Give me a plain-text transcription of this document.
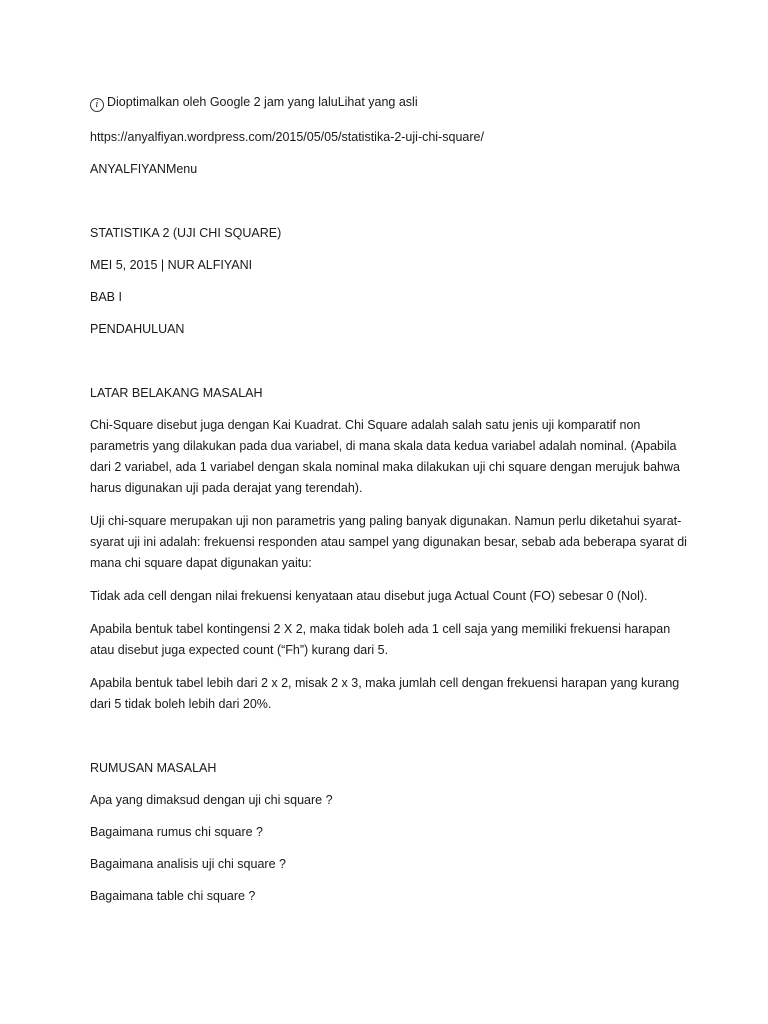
i Dioptimalkan oleh Google 2 jam yang laluLihat yang asli

https://anyalfiyan.wordpress.com/2015/05/05/statistika-2-uji-chi-square/

ANYALFIYANMenu

STATISTIKA 2 (UJI CHI SQUARE)

MEI 5, 2015 | NUR ALFIYANI

BAB I

PENDAHULUAN

LATAR BELAKANG MASALAH

Chi-Square disebut juga dengan Kai Kuadrat. Chi Square adalah salah satu jenis uji komparatif non parametris yang dilakukan pada dua variabel, di mana skala data kedua variabel adalah nominal. (Apabila dari 2 variabel, ada 1 variabel dengan skala nominal maka dilakukan uji chi square dengan merujuk bahwa harus digunakan uji pada derajat yang terendah).

Uji chi-square merupakan uji non parametris yang paling banyak digunakan. Namun perlu diketahui syarat-syarat uji ini adalah: frekuensi responden atau sampel yang digunakan besar, sebab ada beberapa syarat di mana chi square dapat digunakan yaitu:

Tidak ada cell dengan nilai frekuensi kenyataan atau disebut juga Actual Count (FO) sebesar 0 (Nol).

Apabila bentuk tabel kontingensi 2 X 2, maka tidak boleh ada 1 cell saja yang memiliki frekuensi harapan atau disebut juga expected count (“Fh”) kurang dari 5.

Apabila bentuk tabel lebih dari 2 x 2, misak 2 x 3, maka jumlah cell dengan frekuensi harapan yang kurang dari 5 tidak boleh lebih dari 20%.

RUMUSAN MASALAH

Apa yang dimaksud dengan uji chi square ?

Bagaimana rumus chi square ?

Bagaimana analisis uji chi square ?

Bagaimana table chi square ?
